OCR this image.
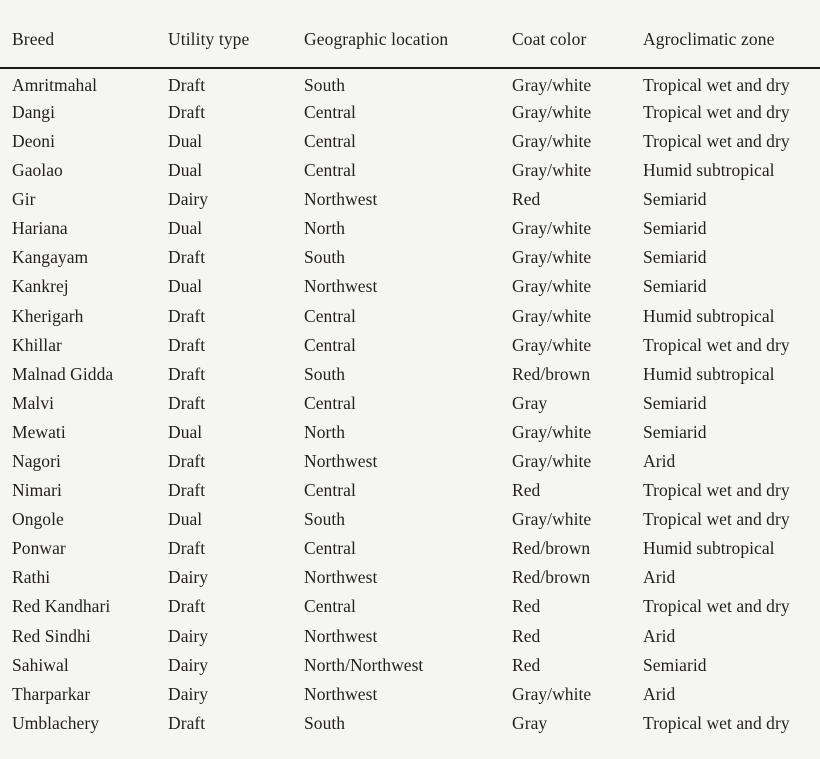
Breed	Utility type	Geographic location	Coat color	Agroclimatic zone

Amritmahal	Draft	South	Gray/white	Tropical wet and dry

Dangi	Draft	Central	Gray/white	Tropical wet and dry

Deoni	Dual	Central	Gray/white	Tropical wet and dry

Gaolao	Dual	Central	Gray/white	Humid subtropical

Gir	Dairy	Northwest	Red	Semiarid

Hariana	Dual	North	Gray/white	Semiarid

Kangayam	Draft	South	Gray/white	Semiarid

Kankrej	Dual	Northwest	Gray/white	Semiarid

Kherigarh	Draft	Central	Gray/white	Humid subtropical

Khillar	Draft	Central	Gray/white	Tropical wet and dry

Malnad Gidda	Draft	South	Red/brown	Humid subtropical

Malvi	Draft	Central	Gray	Semiarid

Mewati	Dual	North	Gray/white	Semiarid

Nagori	Draft	Northwest	Gray/white	Arid

Nimari	Draft	Central	Red	Tropical wet and dry

Ongole	Dual	South	Gray/white	Tropical wet and dry

Ponwar	Draft	Central	Red/brown	Humid subtropical

Rathi	Dairy	Northwest	Red/brown	Arid

Red Kandhari	Draft	Central	Red	Tropical wet and dry

Red Sindhi	Dairy	Northwest	Red	Arid

Sahiwal	Dairy	North/Northwest	Red	Semiarid

Tharparkar	Dairy	Northwest	Gray/white	Arid

Umblachery	Draft	South	Gray	Tropical wet and dry
